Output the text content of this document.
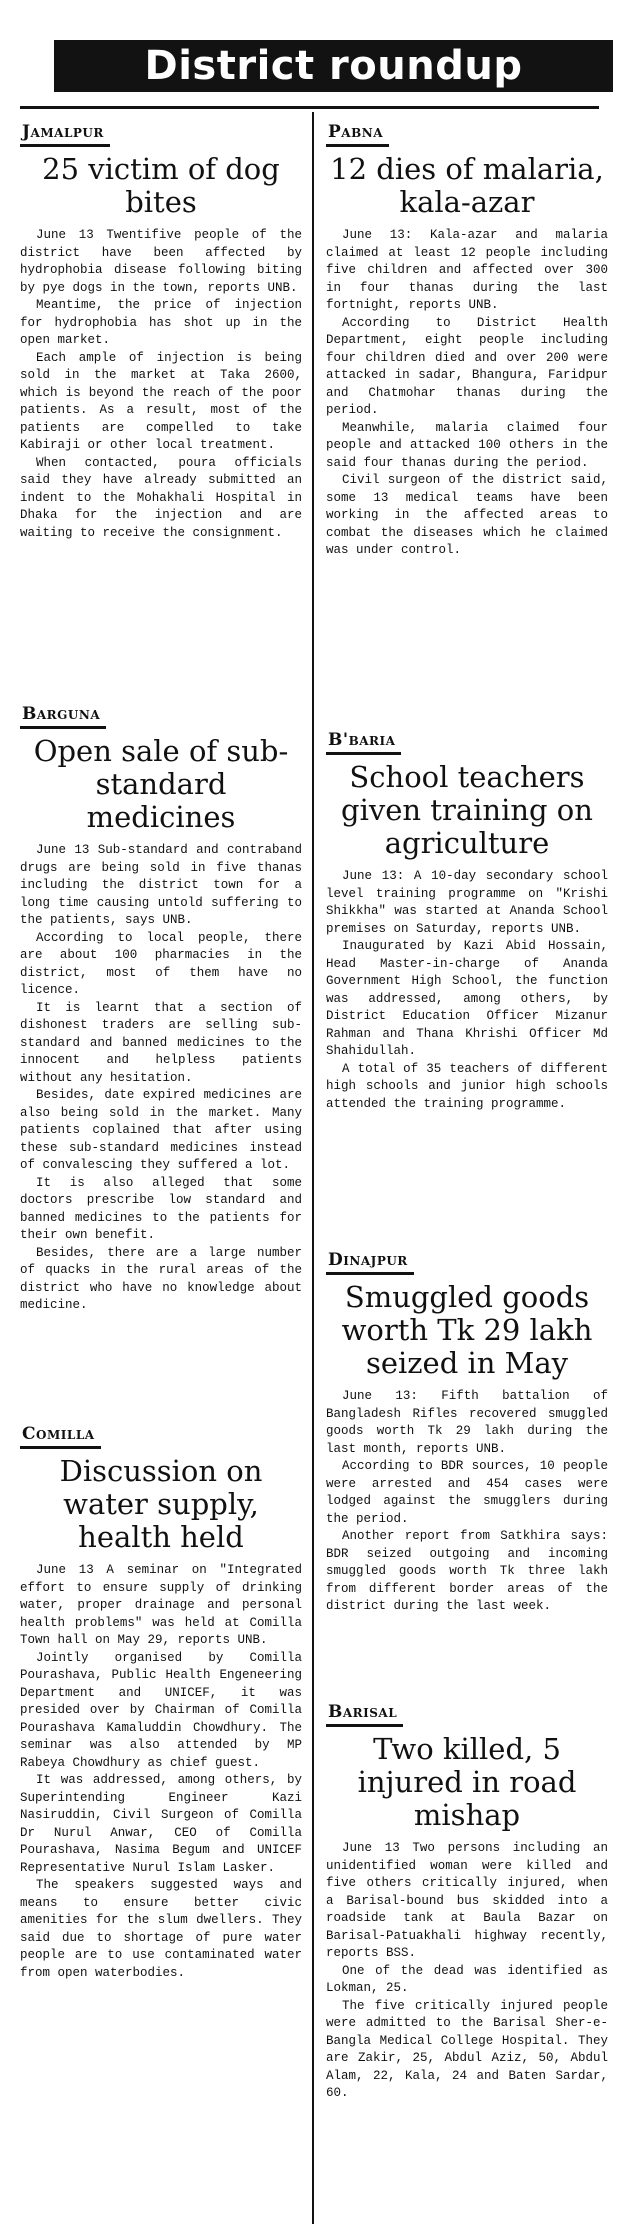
District roundup
Jamalpur
25 victim of dog bites

June 13 Twentifive people of the district have been affected by hydrophobia disease following biting by pye dogs in the town, reports UNB.

Meantime, the price of injection for hydrophobia has shot up in the open market.

Each ample of injection is being sold in the market at Taka 2600, which is beyond the reach of the poor patients. As a result, most of the patients are compelled to take Kabiraji or other local treatment.

When contacted, poura officials said they have already submitted an indent to the Mohakhali Hospital in Dhaka for the injection and are waiting to receive the consignment.

Barguna
Open sale of sub-standard medicines

June 13 Sub-standard and contraband drugs are being sold in five thanas including the district town for a long time causing untold suffering to the patients, says UNB.

According to local people, there are about 100 pharmacies in the district, most of them have no licence.

It is learnt that a section of dishonest traders are selling sub-standard and banned medicines to the innocent and helpless patients without any hesitation.

Besides, date expired medicines are also being sold in the market. Many patients coplained that after using these sub-standard medicines instead of convalescing they suffered a lot.

It is also alleged that some doctors prescribe low standard and banned medicines to the patients for their own benefit.

Besides, there are a large number of quacks in the rural areas of the district who have no knowledge about medicine.

Comilla
Discussion on water supply, health held

June 13 A seminar on "Integrated effort to ensure supply of drinking water, proper drainage and personal health problems" was held at Comilla Town hall on May 29, reports UNB.

Jointly organised by Comilla Pourashava, Public Health Engeneering Department and UNICEF, it was presided over by Chairman of Comilla Pourashava Kamaluddin Chowdhury. The seminar was also attended by MP Rabeya Chowdhury as chief guest.

It was addressed, among others, by Superintending Engineer Kazi Nasiruddin, Civil Surgeon of Comilla Dr Nurul Anwar, CEO of Comilla Pourashava, Nasima Begum and UNICEF Representative Nurul Islam Lasker.

The speakers suggested ways and means to ensure better civic amenities for the slum dwellers. They said due to shortage of pure water people are to use contaminated water from open waterbodies.

Pabna
12 dies of malaria, kala-azar

June 13: Kala-azar and malaria claimed at least 12 people including five children and affected over 300 in four thanas during the last fortnight, reports UNB.

According to District Health Department, eight people including four children died and over 200 were attacked in sadar, Bhangura, Faridpur and Chatmohar thanas during the period.

Meanwhile, malaria claimed four people and attacked 100 others in the said four thanas during the period.

Civil surgeon of the district said, some 13 medical teams have been working in the affected areas to combat the diseases which he claimed was under control.

B'baria
School teachers given training on agriculture

June 13: A 10-day secondary school level training programme on "Krishi Shikkha" was started at Ananda School premises on Saturday, reports UNB.

Inaugurated by Kazi Abid Hossain, Head Master-in-charge of Ananda Government High School, the function was addressed, among others, by District Education Officer Mizanur Rahman and Thana Khrishi Officer Md Shahidullah.

A total of 35 teachers of different high schools and junior high schools attended the training programme.

Dinajpur
Smuggled goods worth Tk 29 lakh seized in May

June 13: Fifth battalion of Bangladesh Rifles recovered smuggled goods worth Tk 29 lakh during the last month, reports UNB.

According to BDR sources, 10 people were arrested and 454 cases were lodged against the smugglers during the period.

Another report from Satkhira says: BDR seized outgoing and incoming smuggled goods worth Tk three lakh from different border areas of the district during the last week.

Barisal
Two killed, 5 injured in road mishap

June 13 Two persons including an unidentified woman were killed and five others critically injured, when a Barisal-bound bus skidded into a roadside tank at Baula Bazar on Barisal-Patuakhali highway recently, reports BSS.

One of the dead was identified as Lokman, 25.

The five critically injured people were admitted to the Barisal Sher-e-Bangla Medical College Hospital. They are Zakir, 25, Abdul Aziz, 50, Abdul Alam, 22, Kala, 24 and Baten Sardar, 60.
